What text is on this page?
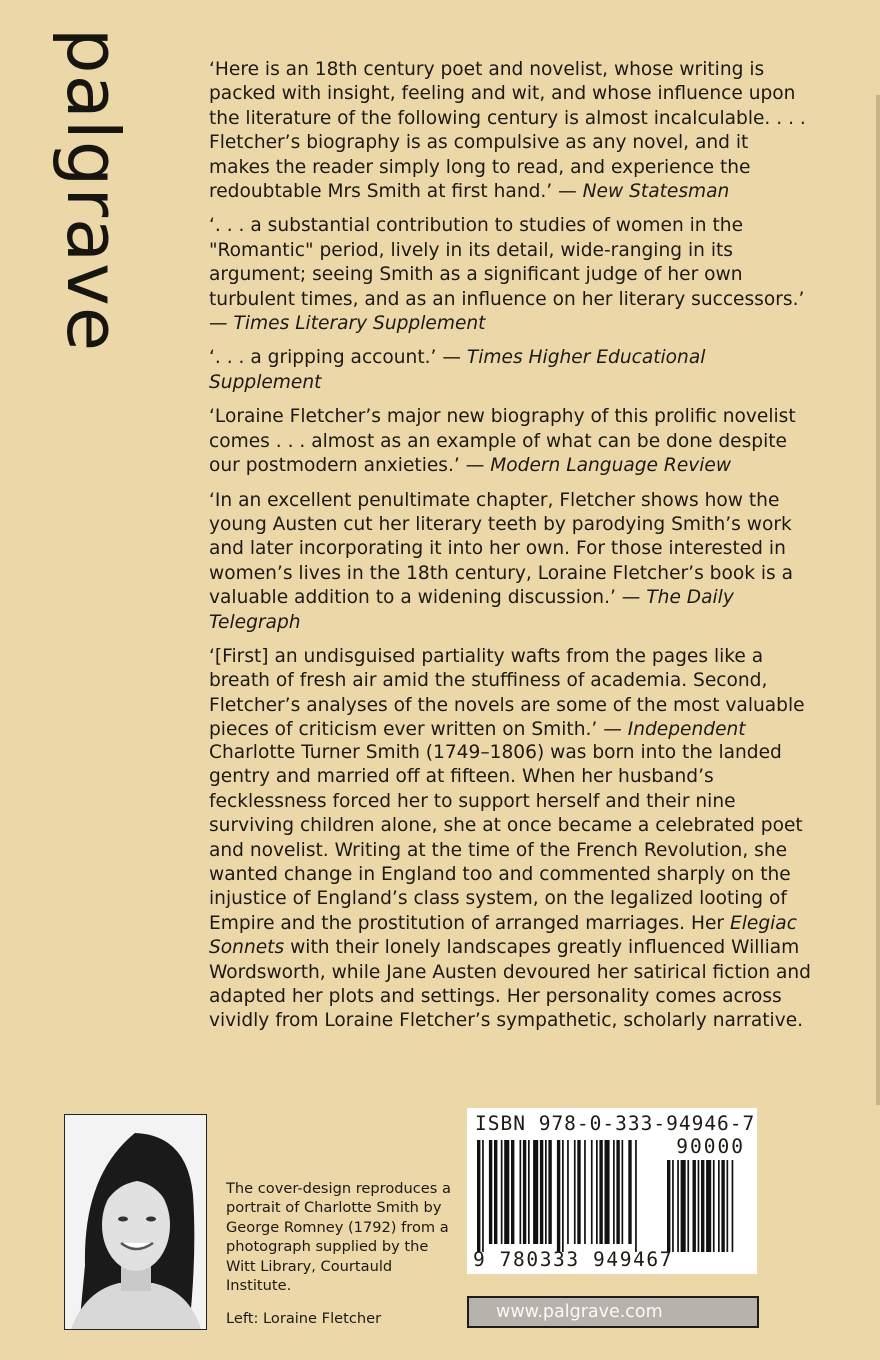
palgrave	‘Here is an 18th century poet and novelist, whose writing is packed with insight, feeling and wit, and whose influence upon the literature of the following century is almost incalculable. . . . Fletcher’s biography is as compulsive as any novel, and it makes the reader simply long to read, and experience the redoubtable Mrs Smith at first hand.’ — New Statesman

‘. . . a substantial contribution to studies of women in the "Romantic" period, lively in its detail, wide-ranging in its argument; seeing Smith as a significant judge of her own turbulent times, and as an influence on her literary successors.’ — Times Literary Supplement

‘. . . a gripping account.’ — Times Higher Educational Supplement

‘Loraine Fletcher’s major new biography of this prolific novelist comes . . . almost as an example of what can be done despite our postmodern anxieties.’ — Modern Language Review

‘In an excellent penultimate chapter, Fletcher shows how the young Austen cut her literary teeth by parodying Smith’s work and later incorporating it into her own. For those interested in women’s lives in the 18th century, Loraine Fletcher’s book is a valuable addition to a widening discussion.’ — The Daily Telegraph

‘[First] an undisguised partiality wafts from the pages like a breath of fresh air amid the stuffiness of academia. Second, Fletcher’s analyses of the novels are some of the most valuable pieces of criticism ever written on Smith.’ — Independent

Charlotte Turner Smith (1749–1806) was born into the landed gentry and married off at fifteen. When her husband’s fecklessness forced her to support herself and their nine surviving children alone, she at once became a celebrated poet and novelist. Writing at the time of the French Revolution, she wanted change in England too and commented sharply on the injustice of England’s class system, on the legalized looting of Empire and the prostitution of arranged marriages. Her Elegiac Sonnets with their lonely landscapes greatly influenced William Wordsworth, while Jane Austen devoured her satirical fiction and adapted her plots and settings. Her personality comes across vividly from Loraine Fletcher’s sympathetic, scholarly narrative.

The cover-design reproduces a portrait of Charlotte Smith by George Romney (1792) from a photograph supplied by the Witt Library, Courtauld Institute.

Left: Loraine Fletcher

ISBN 978-0-333-94946-7
90000
9 780333 949467
www.palgrave.com
